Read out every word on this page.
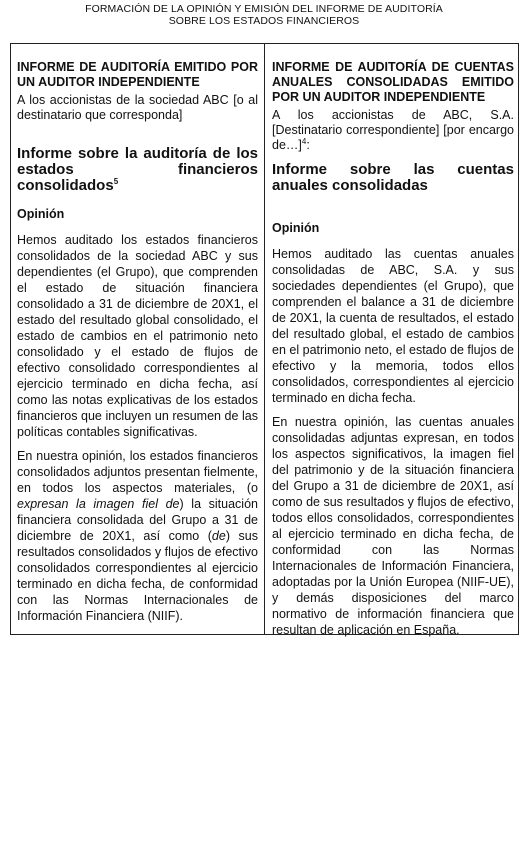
FORMACIÓN DE LA OPINIÓN Y EMISIÓN DEL INFORME DE AUDITORÍA
SOBRE LOS ESTADOS FINANCIEROS

INFORME DE AUDITORÍA EMITIDO POR UN AUDITOR INDEPENDIENTE

A los accionistas de la sociedad ABC [o al destinatario que corresponda]

Informe sobre la auditoría de los estados financieros consolidados$^5$

Opinión

Hemos auditado los estados financieros consolidados de la sociedad ABC y sus dependientes (el Grupo), que comprenden el estado de situación financiera consolidado a 31 de diciembre de 20X1, el estado del resultado global consolidado, el estado de cambios en el patrimonio neto consolidado y el estado de flujos de efectivo consolidado correspondientes al ejercicio terminado en dicha fecha, así como las notas explicativas de los estados financieros que incluyen un resumen de las políticas contables significativas.

En nuestra opinión, los estados financieros consolidados adjuntos presentan fielmente, en todos los aspectos materiales, (o expresan la imagen fiel de) la situación financiera consolidada del Grupo a 31 de diciembre de 20X1, así como (de) sus resultados consolidados y flujos de efectivo consolidados correspondientes al ejercicio terminado en dicha fecha, de conformidad con las Normas Internacionales de Información Financiera (NIIF).

INFORME DE AUDITORÍA DE CUENTAS ANUALES CONSOLIDADAS EMITIDO POR UN AUDITOR INDEPENDIENTE

A los accionistas de ABC, S.A. [Destinatario correspondiente] [por encargo de…]$^4$:

Informe sobre las cuentas anuales consolidadas

Opinión

Hemos auditado las cuentas anuales consolidadas de ABC, S.A. y sus sociedades dependientes (el Grupo), que comprenden el balance a 31 de diciembre de 20X1, la cuenta de resultados, el estado del resultado global, el estado de cambios en el patrimonio neto, el estado de flujos de efectivo y la memoria, todos ellos consolidados, correspondientes al ejercicio terminado en dicha fecha.

En nuestra opinión, las cuentas anuales consolidadas adjuntas expresan, en todos los aspectos significativos, la imagen fiel del patrimonio y de la situación financiera del Grupo a 31 de diciembre de 20X1, así como de sus resultados y flujos de efectivo, todos ellos consolidados, correspondientes al ejercicio terminado en dicha fecha, de conformidad con las Normas Internacionales de Información Financiera, adoptadas por la Unión Europea (NIIF-UE), y demás disposiciones del marco normativo de información financiera que resultan de aplicación en España.
